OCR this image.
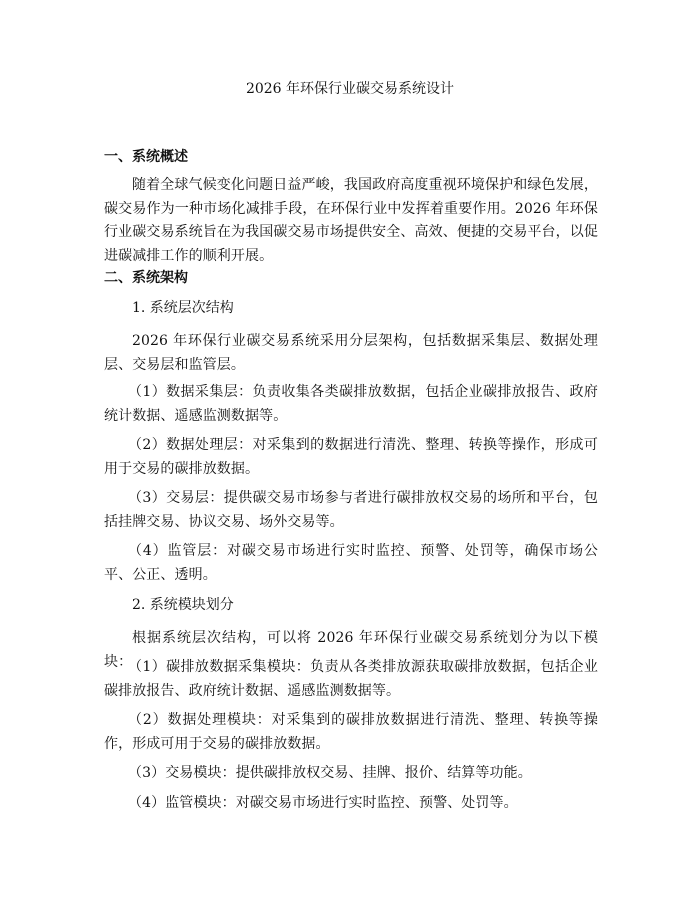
2026 年环保行业碳交易系统设计
一、系统概述

随着全球气候变化问题日益严峻，我国政府高度重视环境保护和绿色发展，碳交易作为一种市场化减排手段，在环保行业中发挥着重要作用。2026 年环保行业碳交易系统旨在为我国碳交易市场提供安全、高效、便捷的交易平台，以促进碳减排工作的顺利开展。

二、系统架构
1. 系统层次结构

2026 年环保行业碳交易系统采用分层架构，包括数据采集层、数据处理层、交易层和监管层。

（1）数据采集层：负责收集各类碳排放数据，包括企业碳排放报告、政府统计数据、遥感监测数据等。

（2）数据处理层：对采集到的数据进行清洗、整理、转换等操作，形成可用于交易的碳排放数据。

（3）交易层：提供碳交易市场参与者进行碳排放权交易的场所和平台，包括挂牌交易、协议交易、场外交易等。

（4）监管层：对碳交易市场进行实时监控、预警、处罚等，确保市场公平、公正、透明。

2. 系统模块划分

根据系统层次结构，可以将 2026 年环保行业碳交易系统划分为以下模块：

（1）碳排放数据采集模块：负责从各类排放源获取碳排放数据，包括企业碳排放报告、政府统计数据、遥感监测数据等。

（2）数据处理模块：对采集到的碳排放数据进行清洗、整理、转换等操作，形成可用于交易的碳排放数据。

（3）交易模块：提供碳排放权交易、挂牌、报价、结算等功能。

（4）监管模块：对碳交易市场进行实时监控、预警、处罚等。
